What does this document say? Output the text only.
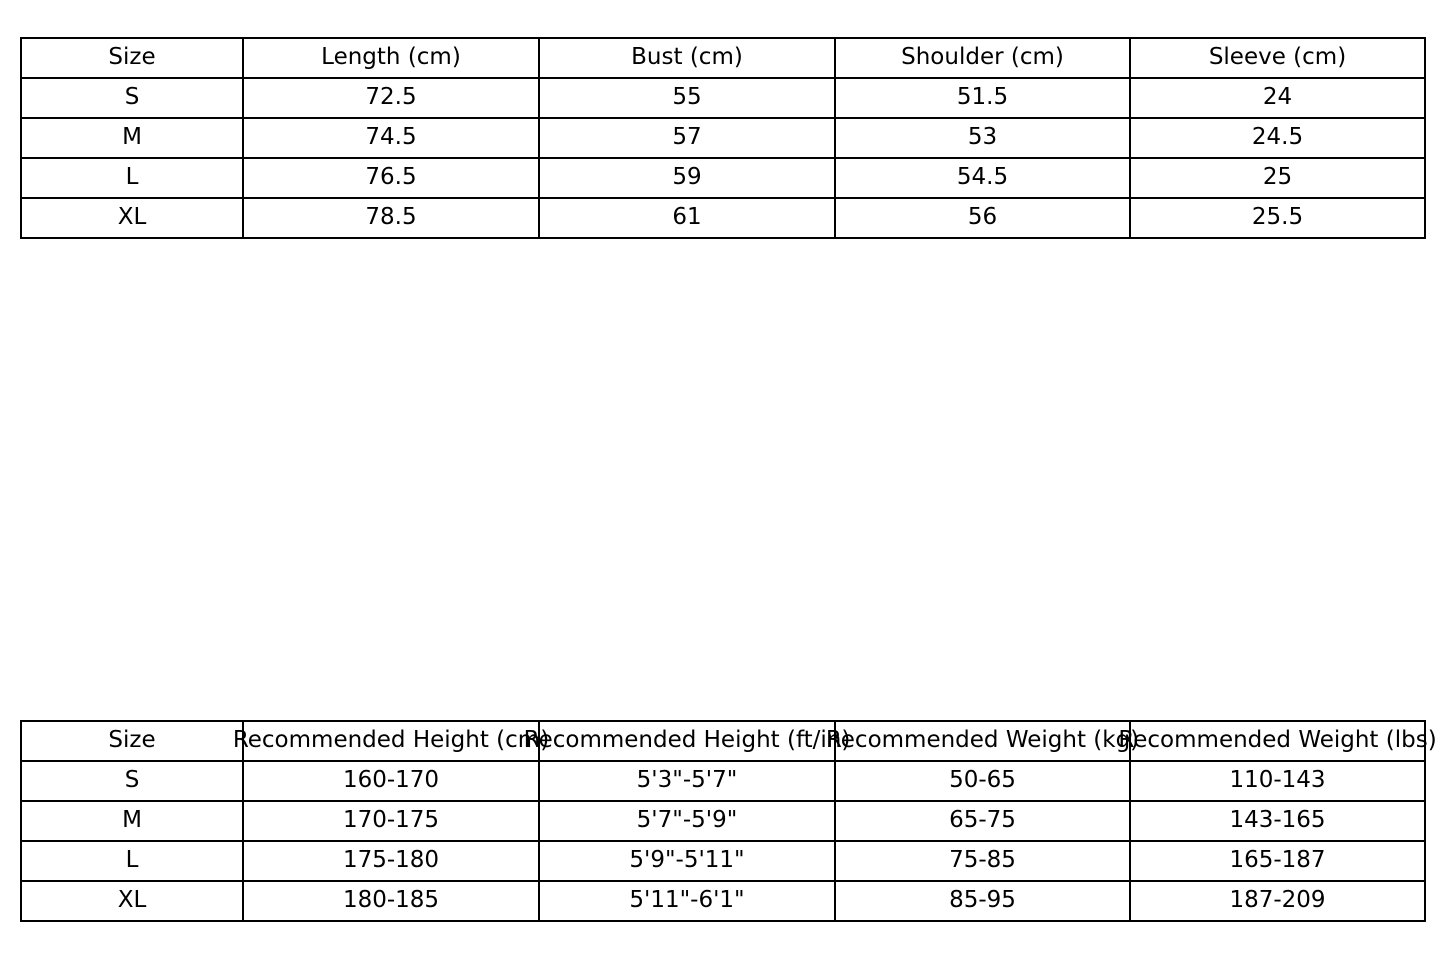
Size	Length (cm)	Bust (cm)	Shoulder (cm)	Sleeve (cm)
S	72.5	55	51.5	24
M	74.5	57	53	24.5
L	76.5	59	54.5	25
XL	78.5	61	56	25.5
Size	Recommended Height (cm)	Recommended Height (ft/in)	Recommended Weight (kg)	Recommended Weight (lbs)

S	160-170	5'3"-5'7"	50-65	110-143
M	170-175	5'7"-5'9"	65-75	143-165
L	175-180	5'9"-5'11"	75-85	165-187
XL	180-185	5'11"-6'1"	85-95	187-209
